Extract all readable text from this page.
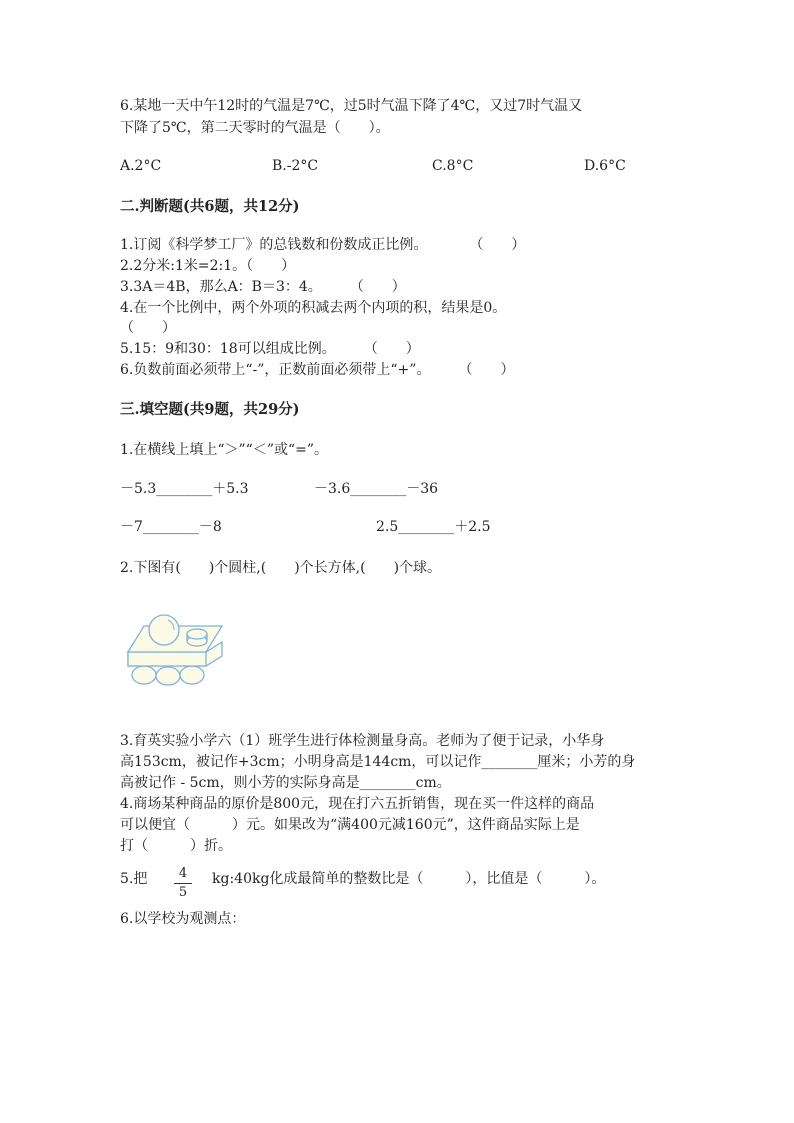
6.某地一天中午12时的气温是7℃，过5时气温下降了4℃，又过7时气温又
下降了5℃，第二天零时的气温是（　　）。
A.2°C	B.-2°C	C.8°C	D.6°C
二.判断题(共6题，共12分)
1.订阅《科学梦工厂》的总钱数和份数成正比例。　　　　（　　）
2.2分米:1米=2:1。（　　）
3.3A＝4B，那么A：B＝3：4。　　　（　　）
4.在一个比例中，两个外项的积减去两个内项的积，结果是0。
（　　）
5.15：9和30：18可以组成比例。　　　（　　）
6.负数前面必须带上“-”，正数前面必须带上“+”。　　　（　　）
三.填空题(共9题，共29分)
1.在横线上填上“＞”“＜”或“=”。
－5.3________＋5.3	－3.6________－36
－7________－8	2.5________＋2.5
2.下图有(　　)个圆柱,(　　)个长方体,(　　)个球。
3.育英实验小学六（1）班学生进行体检测量身高。老师为了便于记录，小华身
高153cm，被记作+3cm；小明身高是144cm，可以记作________厘米；小芳的身
高被记作 - 5cm，则小芳的实际身高是________cm。
4.商场某种商品的原价是800元，现在打六五折销售，现在买一件这样的商品
可以便宜（　　　）元。如果改为“满400元减160元”，这件商品实际上是
打（　　　）折。
5.把	4
5
kg:40kg化成最简单的整数比是（　　　），比值是（　　　）。
6.以学校为观测点：
